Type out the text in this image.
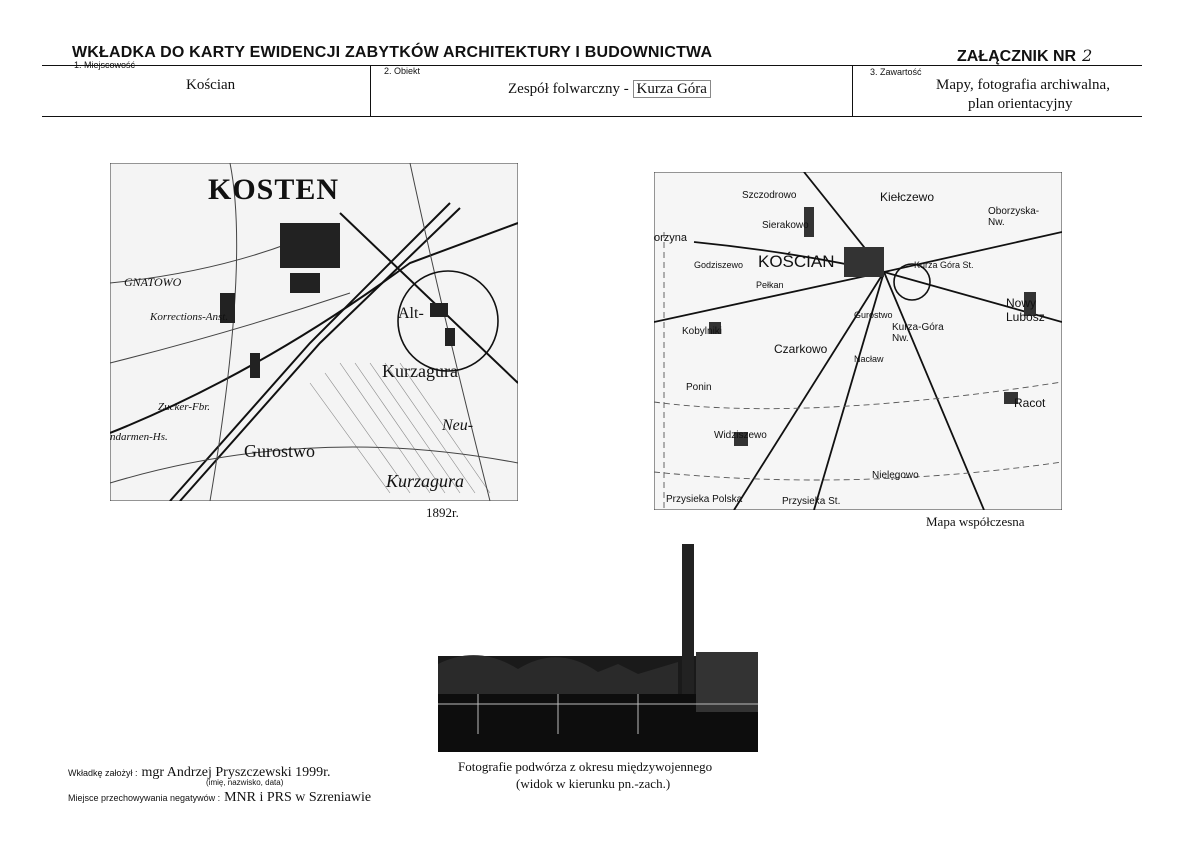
WKŁADKA DO KARTY EWIDENCJI ZABYTKÓW ARCHITEKTURY I BUDOWNICTWA	ZAŁĄCZNIK NR 2
1. Miejscowość
Kościan
2. Obiekt
Zespół folwarczny - Kurza Góra
3. Zawartość
Mapy, fotografia archiwalna,
plan orientacyjny
KOSTEN
GNATOWO
Korrections-Anst.	Alt-
Kurzagura
Neu-
Kurzagura
Gurostwo
Zucker-Fbr.
ndarmen-Hs.
1892r.
KOŚCIAN
Kiełczewo
Szczodrowo
Sierakowo
Oborzyska-Nw.
orzyna
Kurza Góra St.
Nowy Lubosz
Kurza-Góra Nw.
Czarkowo
Kobylniki
Ponin
Racot
Widziszewo
Gurostwo
Nielęgowo
Przysieka Polska	Przysieka St.
Godziszewo
Pełkan
Nacław
Mapa współczesna
Fotografie podwórza z okresu międzywojennego
(widok w kierunku pn.-zach.)
Wkładkę założył : mgr Andrzej Pryszczewski 1999r.
(imię, nazwisko, data)
Miejsce przechowywania negatywów : MNR i PRS w Szreniawie
